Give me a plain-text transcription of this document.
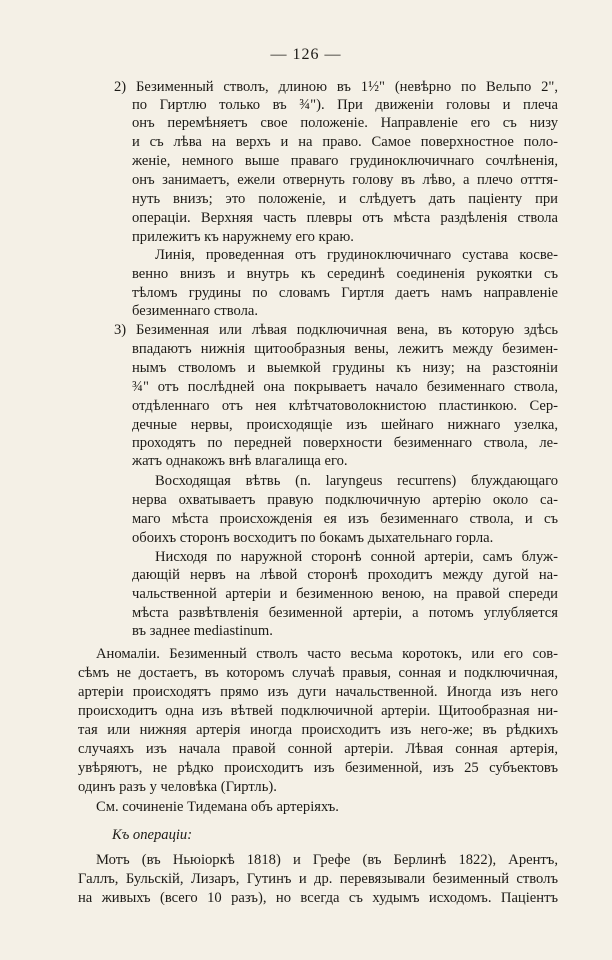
— 126 —
2) Безименный стволъ, длиною въ 1½" (невѣрно по Вельпо 2",
по Гиртлю только въ ¾"). При движеніи головы и плеча
онъ перемѣняетъ свое положеніе. Направленіе его съ низу
и съ лѣва на верхъ и на право. Самое поверхностное поло-
женіе, немного выше праваго грудиноключичнаго сочлѣненія,
онъ занимаетъ, ежели отвернуть голову въ лѣво, а плечо отття-
нуть внизъ; это положеніе, и слѣдуетъ дать паціенту при
операціи. Верхняя часть плевры отъ мѣста раздѣленія ствола
прилежитъ къ наружнему его краю.
Линія, проведенная отъ грудиноключичнаго сустава косве-
венно внизъ и внутрь къ серединѣ соединенія рукоятки съ
тѣломъ грудины по словамъ Гиртля даетъ намъ направленіе
безименнаго ствола.
3) Безименная или лѣвая подключичная вена, въ которую здѣсь
впадаютъ нижнія щитообразныя вены, лежитъ между безимен-
нымъ стволомъ и выемкой грудины къ низу; на разстояніи
¾" отъ послѣдней она покрываетъ начало безименнаго ствола,
отдѣленнаго отъ нея клѣтчатоволокнистою пластинкою. Сер-
дечные нервы, происходящіе изъ шейнаго нижнаго узелка,
проходятъ по передней поверхности безименнаго ствола, ле-
жатъ однакожъ внѣ влагалища его.
Восходящая вѣтвь (n. laryngeus recurrens) блуждающаго
нерва охватываетъ правую подключичную артерію около са-
маго мѣста происхожденія ея изъ безименнаго ствола, и съ
обоихъ сторонъ восходитъ по бокамъ дыхательнаго горла.
Нисходя по наружной сторонѣ сонной артеріи, самъ блуж-
дающій нервъ на лѣвой сторонѣ проходитъ между дугой на-
чальственной артеріи и безименною веною, на правой спереди
мѣста развѣтвленія безименной артеріи, а потомъ углубляется
въ заднее mediastinum.
Аномаліи. Безименный стволъ часто весьма коротокъ, или его сов-
сѣмъ не достаетъ, въ которомъ случаѣ правыя, сонная и подключичная,
артеріи происходятъ прямо изъ дуги начальственной. Иногда изъ него
происходитъ одна изъ вѣтвей подключичной артеріи. Щитообразная ни-
тая или нижняя артерія иногда происходитъ изъ него-же; въ рѣдкихъ
случаяхъ изъ начала правой сонной артеріи. Лѣвая сонная артерія,
увѣряютъ, не рѣдко происходитъ изъ безименной, изъ 25 субъектовъ
одинъ разъ у человѣка (Гиртль).
См. сочиненіе Тидемана объ артеріяхъ.
Къ операціи:
Мотъ (въ Ньюіоркѣ 1818) и Грефе (въ Берлинѣ 1822), Арентъ,
Галлъ, Бульскій, Лизаръ, Гутинъ и др. перевязывали безименный стволъ
на живыхъ (всего 10 разъ), но всегда съ худымъ исходомъ. Паціентъ
